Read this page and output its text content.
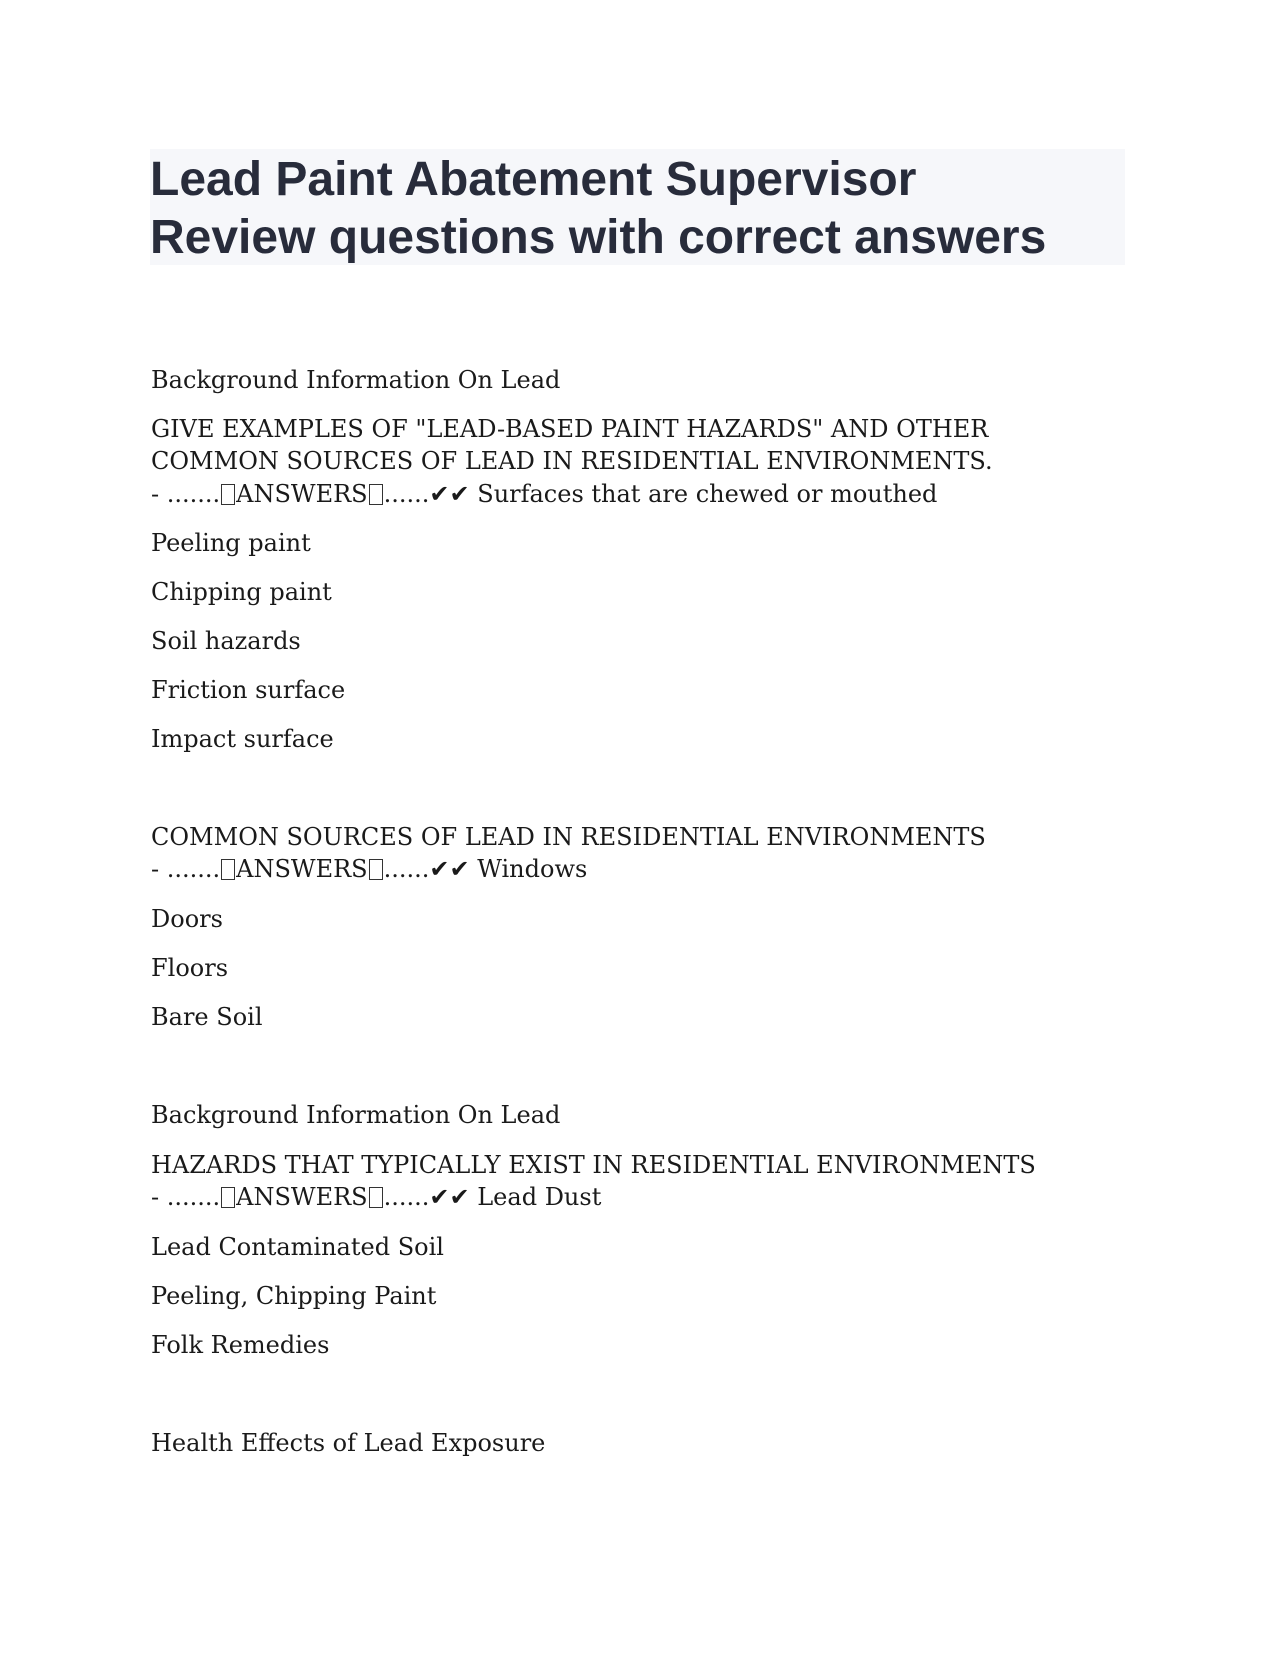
Lead Paint Abatement Supervisor
Review questions with correct answers

Background Information On Lead

GIVE EXAMPLES OF "LEAD-BASED PAINT HAZARDS" AND OTHER

COMMON SOURCES OF LEAD IN RESIDENTIAL ENVIRONMENTS.

- ....... ANSWERS ......✔✔ Surfaces that are chewed or mouthed

Peeling paint

Chipping paint

Soil hazards

Friction surface

Impact surface

COMMON SOURCES OF LEAD IN RESIDENTIAL ENVIRONMENTS

- ....... ANSWERS ......✔✔ Windows

Doors

Floors

Bare Soil

Background Information On Lead

HAZARDS THAT TYPICALLY EXIST IN RESIDENTIAL ENVIRONMENTS

- ....... ANSWERS ......✔✔ Lead Dust

Lead Contaminated Soil

Peeling, Chipping Paint

Folk Remedies

Health Effects of Lead Exposure
